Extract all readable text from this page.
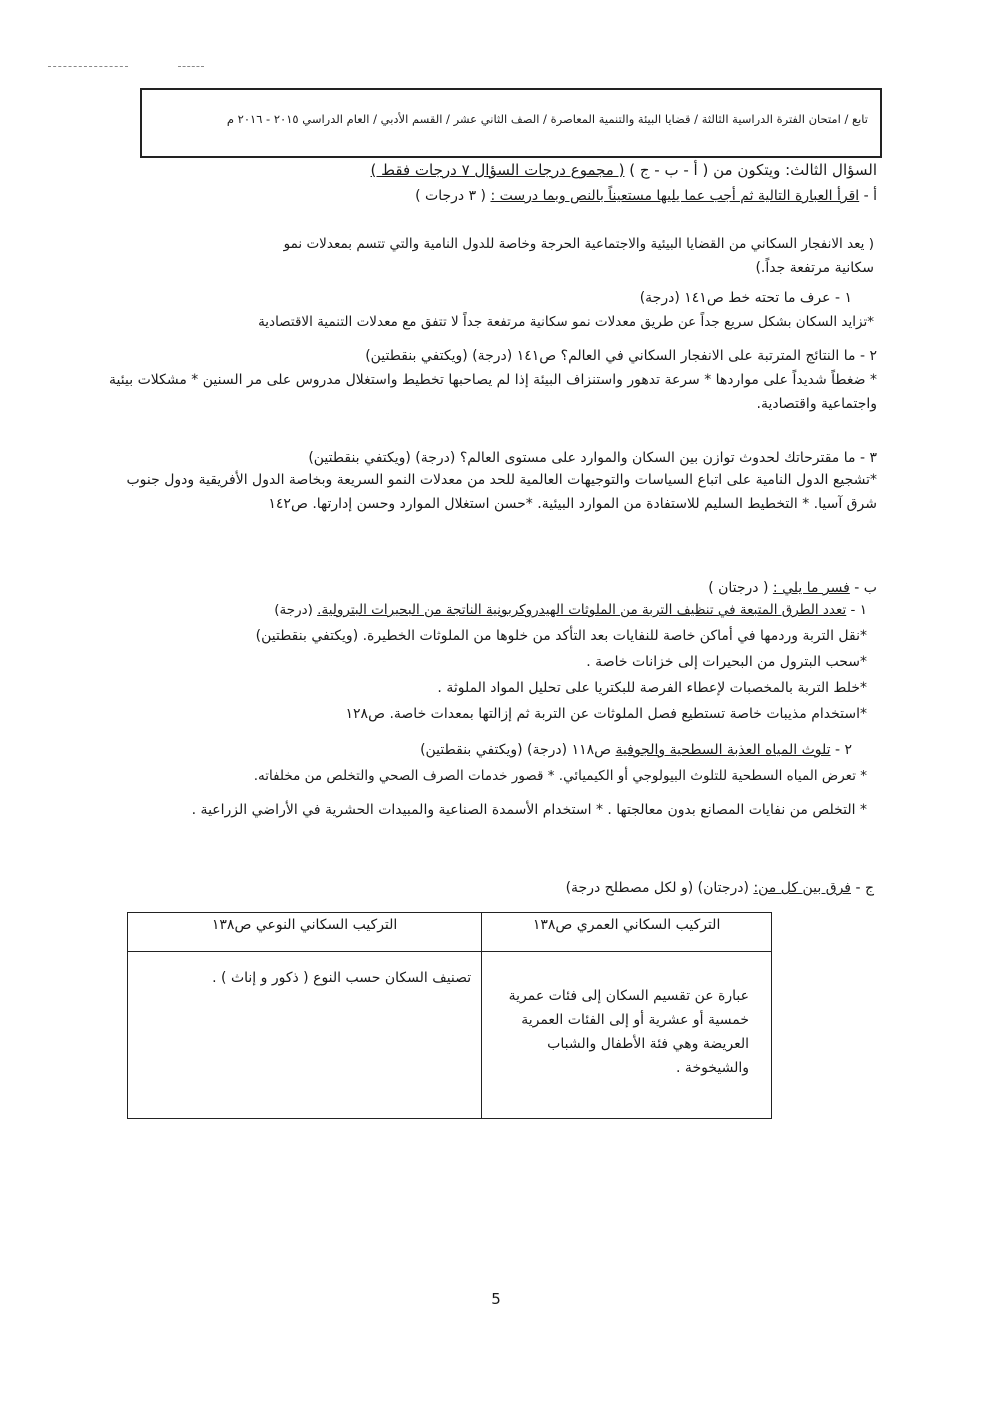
تابع / امتحان الفترة الدراسية الثالثة / قضايا البيئة والتنمية المعاصرة / الصف الثاني عشر / القسم الأدبي / العام الدراسي ٢٠١٥ - ٢٠١٦ م
السؤال الثالث: ويتكون من ( أ - ب - ج ) ( مجموع درجات السؤال ٧ درجات فقط )
أ - اقرأ العبارة التالية ثم أجب عما يليها مستعيناً بالنص وبما درست : ( ٣ درجات )
( يعد الانفجار السكاني من القضايا البيئية والاجتماعية الحرجة وخاصة للدول النامية والتي تتسم بمعدلات نمو
سكانية مرتفعة جداً.)
١ - عرف ما تحته خط ص١٤١ (درجة)
*تزايد السكان بشكل سريع جداً عن طريق معدلات نمو سكانية مرتفعة جداً لا تتفق مع معدلات التنمية الاقتصادية
٢ - ما النتائج المترتبة على الانفجار السكاني في العالم؟ ص١٤١ (درجة) (ويكتفي بنقطتين)
* ضغطاً شديداً على مواردها * سرعة تدهور واستنزاف البيئة إذا لم يصاحبها تخطيط واستغلال مدروس على مر السنين * مشكلات بيئية واجتماعية واقتصادية.
٣ - ما مقترحاتك لحدوث توازن بين السكان والموارد على مستوى العالم؟ (درجة) (ويكتفي بنقطتين)
*تشجيع الدول النامية على اتباع السياسات والتوجيهات العالمية للحد من معدلات النمو السريعة وبخاصة الدول الأفريقية ودول جنوب شرق آسيا. * التخطيط السليم للاستفادة من الموارد البيئية. *حسن استغلال الموارد وحسن إدارتها. ص١٤٢
ب - فسر ما يلي : ( درجتان )
١ - تعدد الطرق المتبعة في تنظيف التربة من الملوثات الهيدروكربونية الناتجة من البحيرات البترولية. (درجة)
*نقل التربة وردمها في أماكن خاصة للنفايات بعد التأكد من خلوها من الملوثات الخطيرة. (ويكتفي بنقطتين)
*سحب البترول من البحيرات إلى خزانات خاصة .
*خلط التربة بالمخصبات لإعطاء الفرصة للبكتريا على تحليل المواد الملوثة .
*استخدام مذيبات خاصة تستطيع فصل الملوثات عن التربة ثم إزالتها بمعدات خاصة. ص١٢٨
٢ - تلوث المياه العذبة السطحية والجوفية ص١١٨ (درجة) (ويكتفي بنقطتين)
* تعرض المياه السطحية للتلوث البيولوجي أو الكيميائي. * قصور خدمات الصرف الصحي والتخلص من مخلفاته.
* التخلص من نفايات المصانع بدون معالجتها . * استخدام الأسمدة الصناعية والمبيدات الحشرية في الأراضي الزراعية .
ج - فرق بين كل من: (درجتان) (و لكل مصطلح درجة)
التركيب السكاني العمري ص١٣٨	التركيب السكاني النوعي ص١٣٨
عبارة عن تقسيم السكان إلى فئات عمرية خمسية أو عشرية أو إلى الفئات العمرية العريضة وهي فئة الأطفال والشباب والشيخوخة .	تصنيف السكان حسب النوع ( ذكور و إناث ) .
5
